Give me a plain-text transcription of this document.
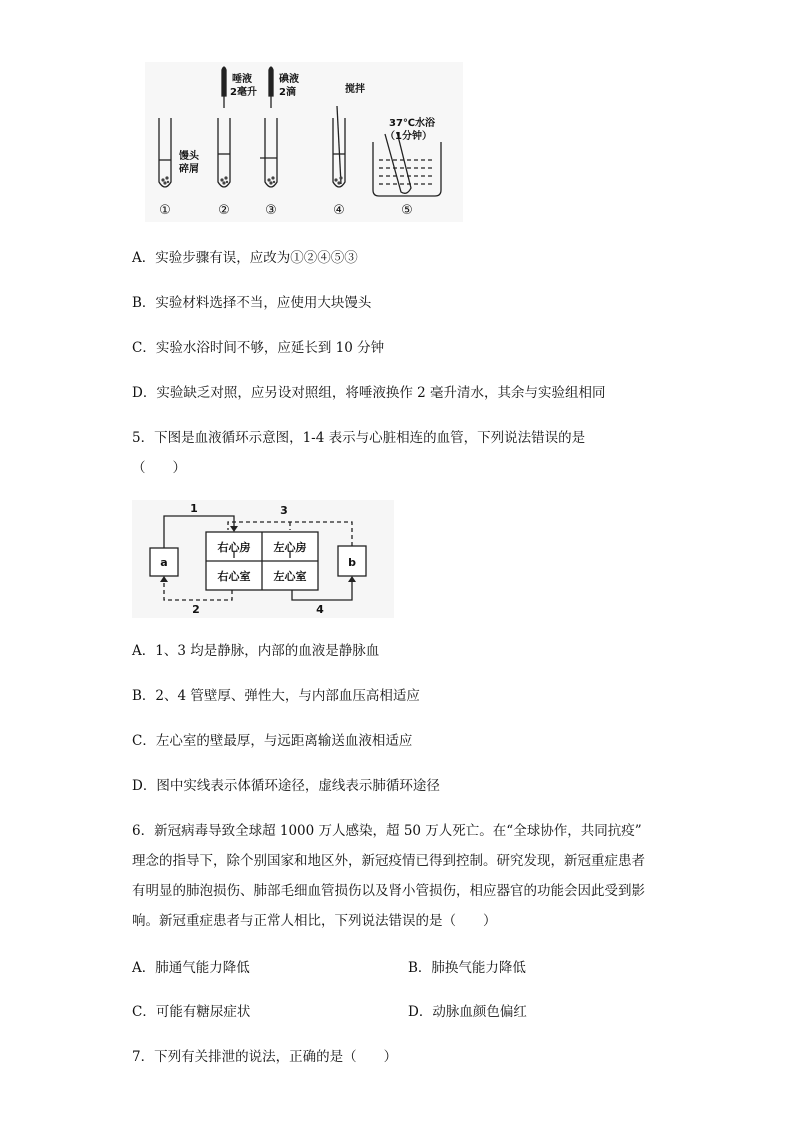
唾液
2毫升
碘液
2滴	搅拌
37℃水浴
（1分钟）
馒头
碎屑
①	②	③	④	⑤
A．实验步骤有误，应改为①②④⑤③
B．实验材料选择不当，应使用大块馒头
C．实验水浴时间不够，应延长到 10 分钟
D．实验缺乏对照，应另设对照组，将唾液换作 2 毫升清水，其余与实验组相同
5．下图是血液循环示意图，1-4 表示与心脏相连的血管，下列说法错误的是
（　　）
a	b
右心房 左心房
右心室 左心室
1	3
2	4
A．1、3 均是静脉，内部的血液是静脉血
B．2、4 管壁厚、弹性大，与内部血压高相适应
C．左心室的壁最厚，与远距离输送血液相适应
D．图中实线表示体循环途径，虚线表示肺循环途径
6．新冠病毒导致全球超 1000 万人感染，超 50 万人死亡。在“全球协作，共同抗疫”
理念的指导下，除个别国家和地区外，新冠疫情已得到控制。研究发现，新冠重症患者
有明显的肺泡损伤、肺部毛细血管损伤以及肾小管损伤，相应器官的功能会因此受到影
响。新冠重症患者与正常人相比，下列说法错误的是（　　）
A．肺通气能力降低	B．肺换气能力降低
C．可能有糖尿症状	D．动脉血颜色偏红
7．下列有关排泄的说法，正确的是（　　）
